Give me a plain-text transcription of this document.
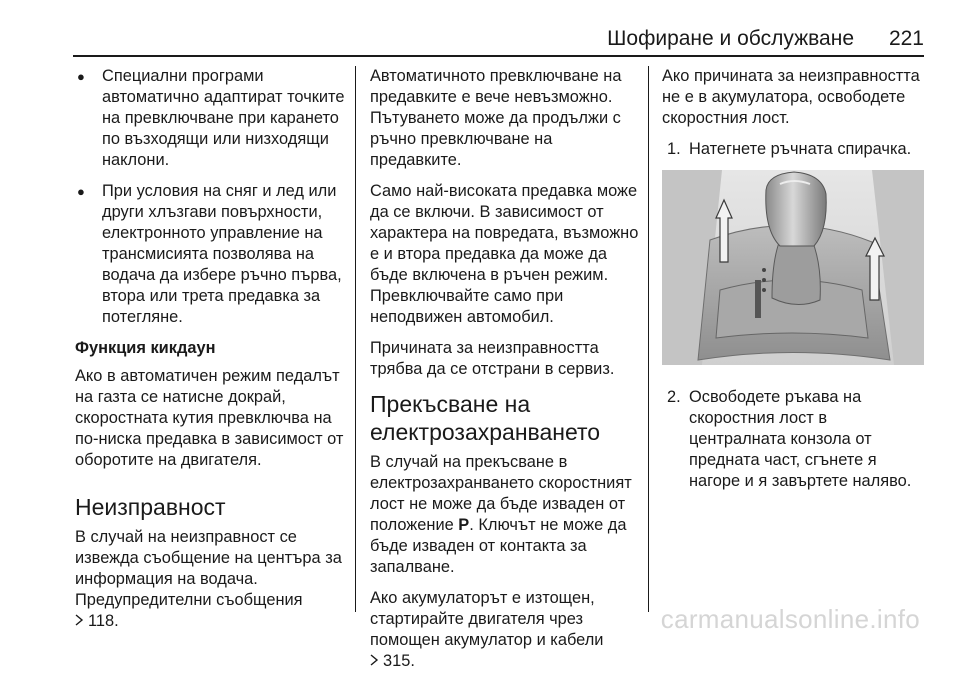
Шофиране и обслужване 221
● Специални програми автоматично адаптират точките на превключване при карането по възходящи или низходящи наклони.
● При условия на сняг и лед или други хлъзгави повърхности, електронното управление на трансмисията позволява на водача да избере ръчно първа, втора или трета предавка за потегляне.
Функция кикдаун

Ако в автоматичен режим педалът на газта се натисне докрай, скоростната кутия превключва на по-ниска предавка в зависимост от оборотите на двигателя.

Неизправност

В случай на неизправност се извежда съобщение на центъра за информация на водача. Предупредителни съобщения

118.

Автоматичното превключване на предавките е вече невъзможно. Пътуването може да продължи с ръчно превключване на предавките.

Само най-високата предавка може да се включи. В зависимост от характера на повредата, възможно е и втора предавка да може да бъде включена в ръчен режим. Превключвайте само при неподвижен автомобил.

Причината за неизправността трябва да се отстрани в сервиз.

Прекъсване на електрозахранването

В случай на прекъсване в електрозахранването скоростният лост не може да бъде изваден от положение P. Ключът не може да бъде изваден от контакта за запалване.

Ако акумулаторът е изтощен, стартирайте двигателя чрез помощен акумулатор и кабели

315.

Ако причината за неизправността не е в акумулатора, освободете скоростния лост.

1. Натегнете ръчната спирачка.
2. Освободете ръкава на скоростния лост в централната конзола от предната част, сгънете я нагоре и я завъртете наляво.
carmanualsonline.info
